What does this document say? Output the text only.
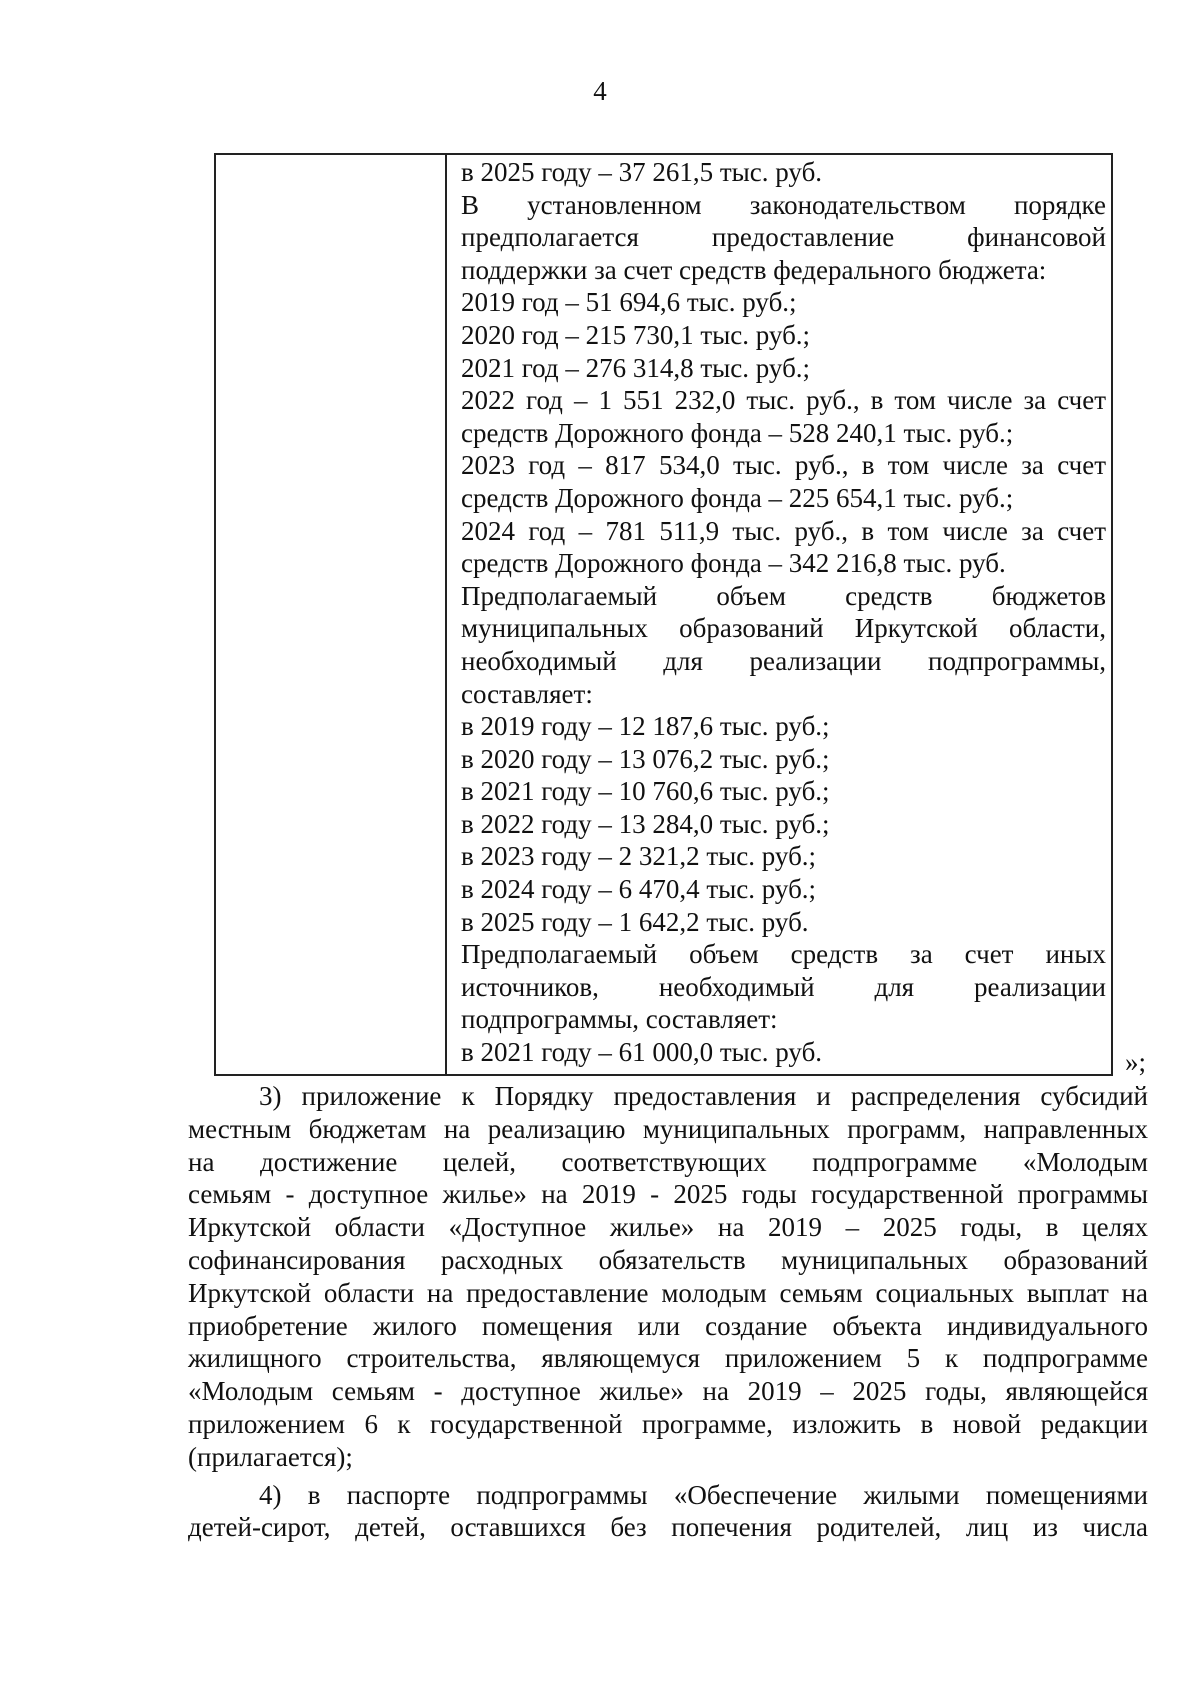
4
в 2025 году – 37 261,5 тыс. руб.
В установленном законодательством порядке
предполагается предоставление финансовой
поддержки за счет средств федерального бюджета:
2019 год – 51 694,6 тыс. руб.;
2020 год – 215 730,1 тыс. руб.;
2021 год – 276 314,8 тыс. руб.;
2022 год – 1 551 232,0 тыс. руб., в том числе за счет
средств Дорожного фонда – 528 240,1 тыс. руб.;
2023 год – 817 534,0 тыс. руб., в том числе за счет
средств Дорожного фонда – 225 654,1 тыс. руб.;
2024 год – 781 511,9 тыс. руб., в том числе за счет
средств Дорожного фонда – 342 216,8 тыс. руб.
Предполагаемый объем средств бюджетов
муниципальных образований Иркутской области,
необходимый для реализации подпрограммы,
составляет:
в 2019 году – 12 187,6 тыс. руб.;
в 2020 году – 13 076,2 тыс. руб.;
в 2021 году – 10 760,6 тыс. руб.;
в 2022 году – 13 284,0 тыс. руб.;
в 2023 году – 2 321,2 тыс. руб.;
в 2024 году – 6 470,4 тыс. руб.;
в 2025 году – 1 642,2 тыс. руб.
Предполагаемый объем средств за счет иных
источников, необходимый для реализации
подпрограммы, составляет:
в 2021 году – 61 000,0 тыс. руб.	»;
3) приложение к Порядку предоставления и распределения субсидий
местным бюджетам на реализацию муниципальных программ, направленных
на достижение целей, соответствующих подпрограмме «Молодым
семьям - доступное жилье» на 2019 - 2025 годы государственной программы
Иркутской области «Доступное жилье» на 2019 – 2025 годы, в целях
софинансирования расходных обязательств муниципальных образований
Иркутской области на предоставление молодым семьям социальных выплат на
приобретение жилого помещения или создание объекта индивидуального
жилищного строительства, являющемуся приложением 5 к подпрограмме
«Молодым семьям - доступное жилье» на 2019 – 2025 годы, являющейся
приложением 6 к государственной программе, изложить в новой редакции
(прилагается);
4) в паспорте подпрограммы «Обеспечение жилыми помещениями
детей-сирот, детей, оставшихся без попечения родителей, лиц из числа
